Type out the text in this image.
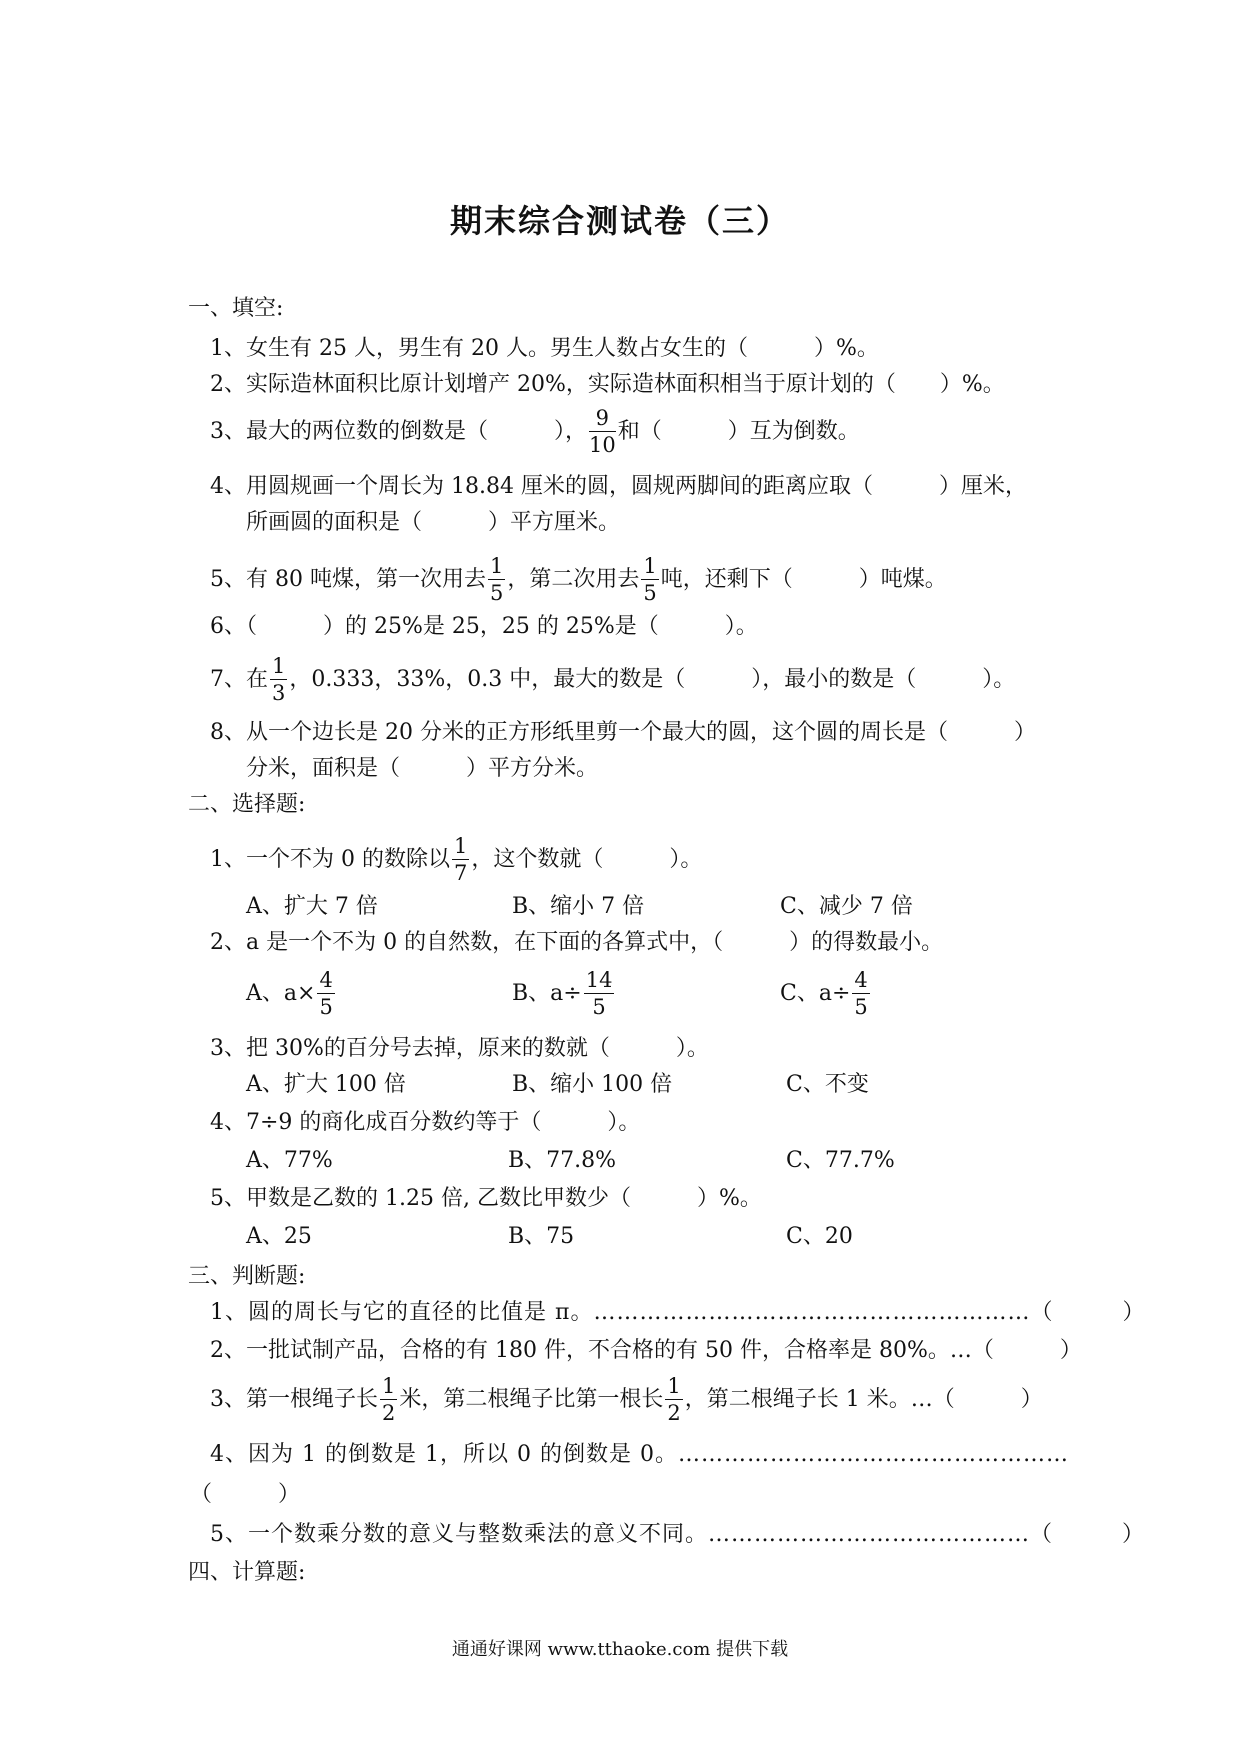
期末综合测试卷（三）
一、填空:
1、女生有 25 人，男生有 20 人。男生人数占女生的（　　　）%。
2、实际造林面积比原计划增产 20%，实际造林面积相当于原计划的（　　）%。
3、最大的两位数的倒数是（　　　）， $\frac{9}{10}$ 和（　　　）互为倒数。
4、用圆规画一个周长为 18.84 厘米的圆，圆规两脚间的距离应取（　　　）厘米，
所画圆的面积是（　　　）平方厘米。
5、有 80 吨煤，第一次用去 $\frac{1}{5}$ ，第二次用去 $\frac{1}{5}$ 吨，还剩下（　　　）吨煤。
6、（　　　）的 25%是 25，25 的 25%是（　　　）。
7、在 $\frac{1}{3}$ ，0.333，33%，0.3 中，最大的数是（　　　），最小的数是（　　　）。
8、从一个边长是 20 分米的正方形纸里剪一个最大的圆，这个圆的周长是（　　　）
分米，面积是（　　　）平方分米。
二、选择题:
1、一个不为 0 的数除以 $\frac{1}{7}$ ，这个数就（　　　）。
A、扩大 7 倍	B、缩小 7 倍	C、减少 7 倍
2、a 是一个不为 0 的自然数，在下面的各算式中，（　　　）的得数最小。
A、$a\times \frac{4}{5}$	B、$a\div \frac{14}{5}$	C、$a\div \frac{4}{5}$
3、把 30%的百分号去掉，原来的数就（　　　）。
A、扩大 100 倍	B、缩小 100 倍	C、不变
4、7÷9 的商化成百分数约等于（　　　）。
A、77%	B、77.8%	C、77.7%
5、甲数是乙数的 1.25 倍, 乙数比甲数少（　　　）%。
A、25	B、75	C、20
三、判断题:
1、圆的周长与它的直径的比值是 π。…………………………………………………（　　　）
2、一批试制产品，合格的有 180 件，不合格的有 50 件，合格率是 80%。…（　　　）
3、第一根绳子长 $\frac{1}{2}$ 米，第二根绳子比第一根长 $\frac{1}{2}$ ，第二根绳子长 1 米。…（　　　）
4、因为 1 的倒数是 1，所以 0 的倒数是 0。……………………………………………
（　　　）
5、一个数乘分数的意义与整数乘法的意义不同。……………………………………（　　　）
四、计算题:
通通好课网 www.tthaoke.com 提供下载
